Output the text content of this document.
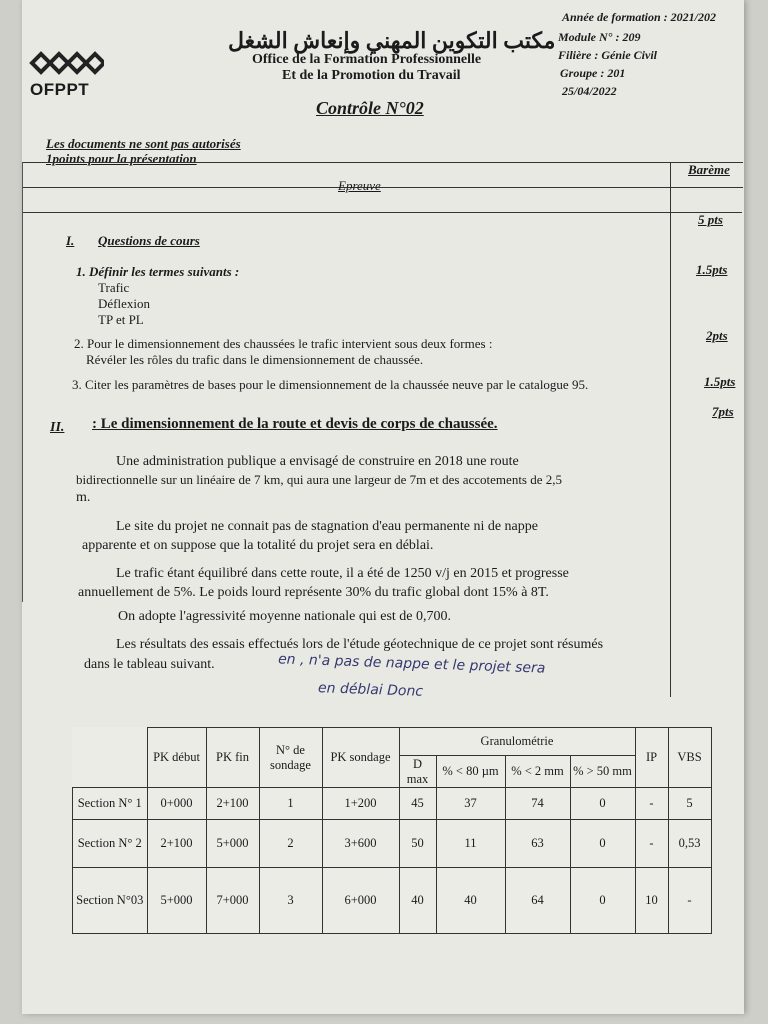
OFPPT
مكتب التكوين المهني وإنعاش الشغل
Office de la Formation Professionnelle
Et de la Promotion du Travail
Année de formation : 2021/202
Module N° : 209
Filière : Génie Civil
Groupe : 201
25/04/2022
Contrôle N°02
Les documents ne sont pas autorisés
1points pour la présentation
Epreuve
Barème
I. Questions de cours
5 pts
1. Définir les termes suivants :	1.5pts
Trafic
Déflexion
TP et PL
2. Pour le dimensionnement des chaussées le trafic intervient sous deux formes :
Révéler les rôles du trafic dans le dimensionnement de chaussée.
2pts
3. Citer les paramètres de bases pour le dimensionnement de la chaussée neuve par le catalogue 95.	1.5pts
II. : Le dimensionnement de la route et devis de corps de chaussée.
7pts
Une administration publique a envisagé de construire en 2018 une route
bidirectionnelle sur un linéaire de 7 km, qui aura une largeur de 7m et des accotements de 2,5
m.
Le site du projet ne connait pas de stagnation d'eau permanente ni de nappe
apparente et on suppose que la totalité du projet sera en déblai.
Le trafic étant équilibré dans cette route, il a été de 1250 v/j en 2015 et progresse
annuellement de 5%. Le poids lourd représente 30% du trafic global dont 15% à 8T.
On adopte l'agressivité moyenne nationale qui est de 0,700.
Les résultats des essais effectués lors de l'étude géotechnique de ce projet sont résumés
dans le tableau suivant.	en , n'a pas de nappe et le projet sera
en déblai Donc
	PK début	PK fin	N° de sondage	PK sondage	Granulométrie				IP	VBS
					D max	% < 80 µm	% < 2 mm	% > 50 mm		
Section N° 1	0+000	2+100	1	1+200	45	37	74	0	-	5
Section N° 2	2+100	5+000	2	3+600	50	11	63	0	-	0,53
Section N°03	5+000	7+000	3	6+000	40	40	64	0	10	-
